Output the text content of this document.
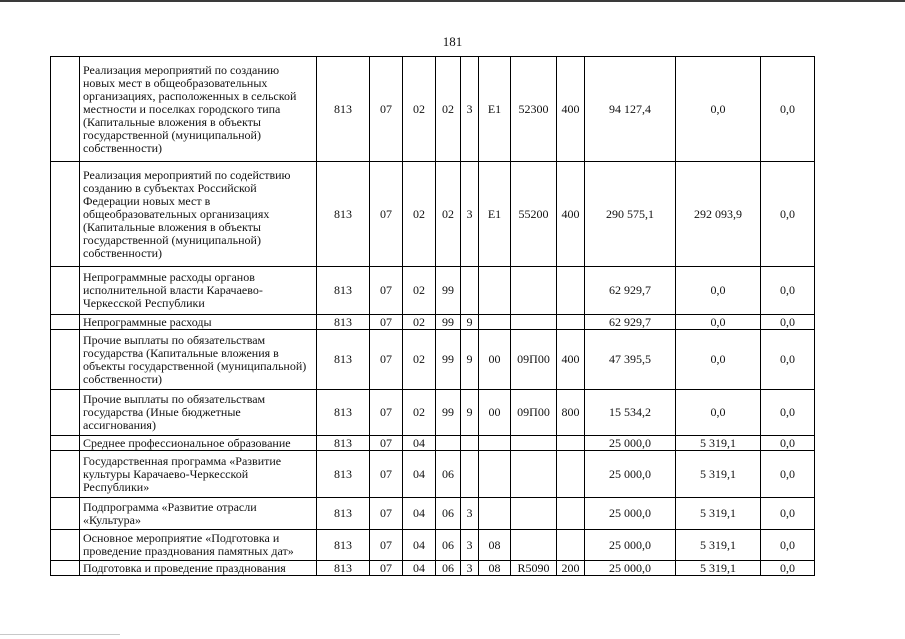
181
	Реализация мероприятий по созданию новых мест в общеобразовательных организациях, расположенных в сельской местности и поселках городского типа (Капитальные вложения в объекты государственной (муниципальной) собственности)	813	07	02	02	3	E1	52300	400	94 127,4	0,0	0,0
	Реализация мероприятий по содействию созданию в субъектах Российской Федерации новых мест в общеобразовательных организациях (Капитальные вложения в объекты государственной (муниципальной) собственности)	813	07	02	02	3	E1	55200	400	290 575,1	292 093,9	0,0
	Непрограммные расходы органов исполнительной власти Карачаево-Черкесской Республики	813	07	02	99					62 929,7	0,0	0,0
	Непрограммные расходы	813	07	02	99	9				62 929,7	0,0	0,0
	Прочие выплаты по обязательствам государства (Капитальные вложения в объекты государственной (муниципальной) собственности)	813	07	02	99	9	00	09П00	400	47 395,5	0,0	0,0
	Прочие выплаты по обязательствам государства (Иные бюджетные ассигнования)	813	07	02	99	9	00	09П00	800	15 534,2	0,0	0,0
	Среднее профессиональное образование	813	07	04						25 000,0	5 319,1	0,0
	Государственная программа «Развитие культуры Карачаево-Черкесской Республики»	813	07	04	06					25 000,0	5 319,1	0,0
	Подпрограмма «Развитие отрасли «Культура»	813	07	04	06	3				25 000,0	5 319,1	0,0
	Основное мероприятие «Подготовка и проведение празднования памятных дат»	813	07	04	06	3	08			25 000,0	5 319,1	0,0
	Подготовка и проведение празднования	813	07	04	06	3	08	R5090	200	25 000,0	5 319,1	0,0
